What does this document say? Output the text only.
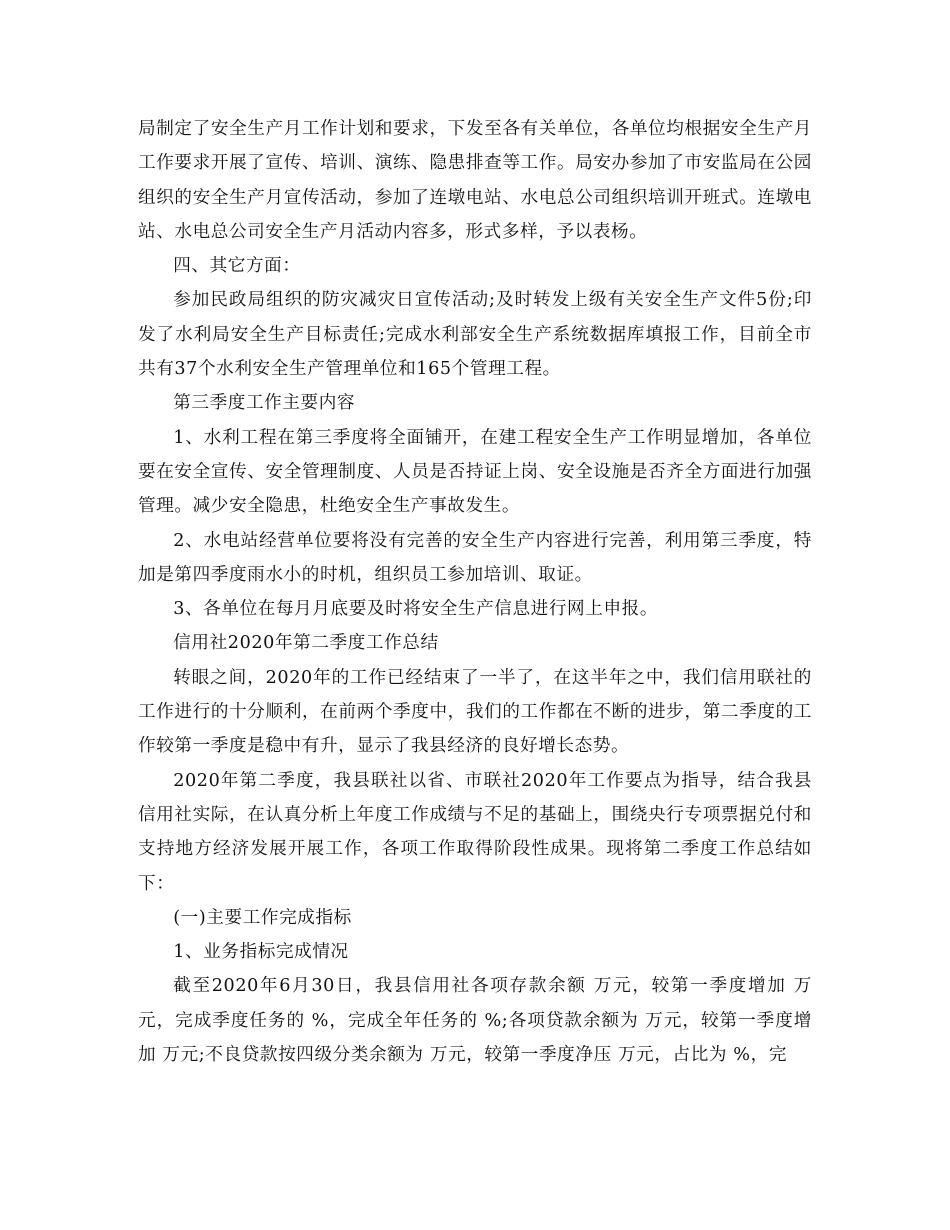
局制定了安全生产月工作计划和要求，下发至各有关单位，各单位均根据安全生产月工作要求开展了宣传、培训、演练、隐患排查等工作。局安办参加了市安监局在公园组织的安全生产月宣传活动，参加了连墩电站、水电总公司组织培训开班式。连墩电站、水电总公司安全生产月活动内容多，形式多样，予以表杨。

四、其它方面：

参加民政局组织的防灾减灾日宣传活动;及时转发上级有关安全生产文件5份;印发了水利局安全生产目标责任;完成水利部安全生产系统数据库填报工作，目前全市共有37个水利安全生产管理单位和165个管理工程。

第三季度工作主要内容

1、水利工程在第三季度将全面铺开，在建工程安全生产工作明显增加，各单位要在安全宣传、安全管理制度、人员是否持证上岗、安全设施是否齐全方面进行加强管理。减少安全隐患，杜绝安全生产事故发生。

2、水电站经营单位要将没有完善的安全生产内容进行完善，利用第三季度，特加是第四季度雨水小的时机，组织员工参加培训、取证。

3、各单位在每月月底要及时将安全生产信息进行网上申报。

信用社2020年第二季度工作总结

转眼之间，2020年的工作已经结束了一半了，在这半年之中，我们信用联社的工作进行的十分顺利，在前两个季度中，我们的工作都在不断的进步，第二季度的工作较第一季度是稳中有升，显示了我县经济的良好增长态势。

2020年第二季度，我县联社以省、市联社2020年工作要点为指导，结合我县信用社实际，在认真分析上年度工作成绩与不足的基础上，围绕央行专项票据兑付和支持地方经济发展开展工作，各项工作取得阶段性成果。现将第二季度工作总结如下：

(一)主要工作完成指标

1、业务指标完成情况

截至2020年6月30日，我县信用社各项存款余额 万元，较第一季度增加 万元，完成季度任务的 %，完成全年任务的 %;各项贷款余额为 万元，较第一季度增加 万元;不良贷款按四级分类余额为 万元，较第一季度净压 万元，占比为 %，完
